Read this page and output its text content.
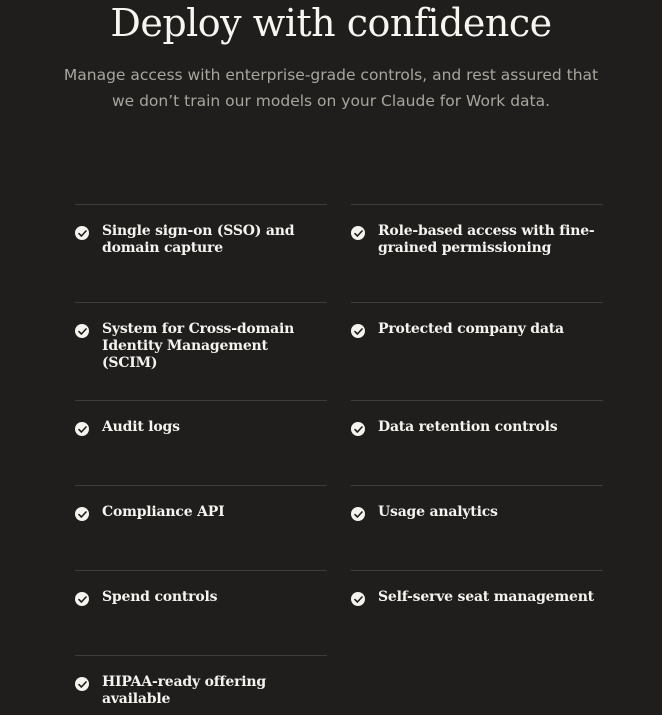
Deploy with confidence

Manage access with enterprise-grade controls, and rest assured that we don’t train our models on your Claude for Work data.

Single sign-on (SSO) and domain capture
Role-based access with fine-grained permissioning
System for Cross-domain Identity Management (SCIM)
Protected company data
Audit logs	Data retention controls
Compliance API	Usage analytics
Spend controls	Self-serve seat management
HIPAA-ready offering available
